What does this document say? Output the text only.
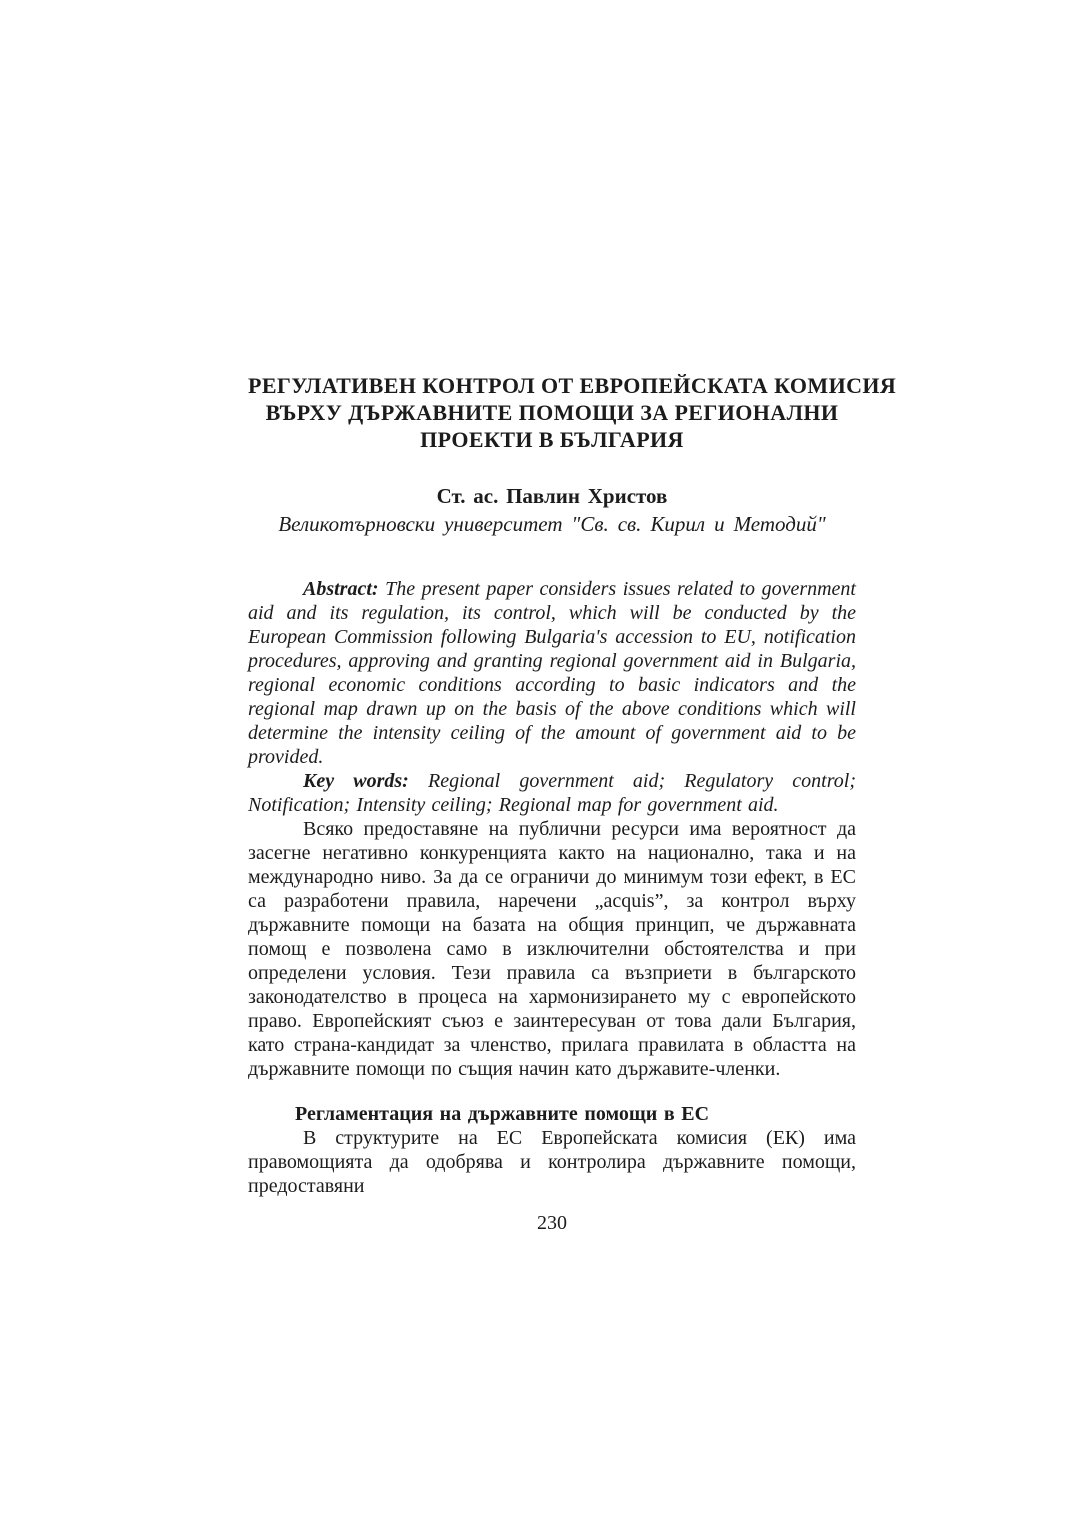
РЕГУЛАТИВЕН КОНТРОЛ ОТ ЕВРОПЕЙСКАТА КОМИСИЯ
ВЪРХУ ДЪРЖАВНИТЕ ПОМОЩИ ЗА РЕГИОНАЛНИ
ПРОЕКТИ В БЪЛГАРИЯ
Ст. ас. Павлин Христов
Великотърновски университет "Св. св. Кирил и Методий"

Abstract: The present paper considers issues related to government aid and its regulation, its control, which will be conducted by the European Commission following Bulgaria's accession to EU, notification procedures, approving and granting regional government aid in Bulgaria, regional economic conditions according to basic indicators and the regional map drawn up on the basis of the above conditions which will determine the intensity ceiling of the amount of government aid to be provided.

Key words: Regional government aid; Regulatory control; Notification; Intensity ceiling; Regional map for government aid.

Всяко предоставяне на публични ресурси има вероятност да засегне негативно конкуренцията както на национално, така и на международно ниво. За да се ограничи до минимум този ефект, в ЕС са разработени правила, наречени „acquis”, за контрол върху държавните помощи на базата на общия принцип, че държавната помощ е позволена само в изключителни обстоятелства и при определени условия. Тези правила са възприети в българското законодателство в процеса на хармонизирането му с европейското право. Европейският съюз е заинтересуван от това дали България, като страна-кандидат за членство, прилага правилата в областта на държавните помощи по същия начин като държавите-членки.

Регламентация на държавните помощи в ЕС

В структурите на ЕС Европейската комисия (ЕК) има правомощията да одобрява и контролира държавните помощи, предоставяни

230
